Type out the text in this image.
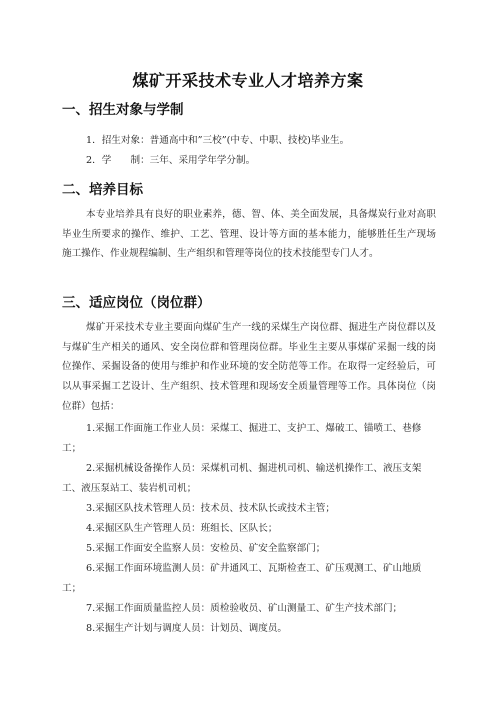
煤矿开采技术专业人才培养方案
一、招生对象与学制
1．招生对象：普通高中和”三校”(中专、中职、技校)毕业生。
2．学　　制：三年、采用学年学分制。
二、培养目标
本专业培养具有良好的职业素养，德、智、体、美全面发展，具备煤炭行业对高职毕业生所要求的操作、维护、工艺、管理、设计等方面的基本能力，能够胜任生产现场施工操作、作业规程编制、生产组织和管理等岗位的技术技能型专门人才。
三、适应岗位（岗位群）
煤矿开采技术专业主要面向煤矿生产一线的采煤生产岗位群、掘进生产岗位群以及与煤矿生产相关的通风、安全岗位群和管理岗位群。毕业生主要从事煤矿采掘一线的岗位操作、采掘设备的使用与维护和作业环境的安全防范等工作。在取得一定经验后，可以从事采掘工艺设计、生产组织、技术管理和现场安全质量管理等工作。具体岗位（岗位群）包括：
1.采掘工作面施工作业人员：采煤工、掘进工、支护工、爆破工、锚喷工、巷修工；
2.采掘机械设备操作人员：采煤机司机、掘进机司机、输送机操作工、液压支架工、液压泵站工、装岩机司机；
3.采掘区队技术管理人员：技术员、技术队长或技术主管；
4.采掘区队生产管理人员：班组长、区队长；
5.采掘工作面安全监察人员：安检员、矿安全监察部门；
6.采掘工作面环境监测人员：矿井通风工、瓦斯检查工、矿压观测工、矿山地质工；
7.采掘工作面质量监控人员：质检验收员、矿山测量工、矿生产技术部门；
8.采掘生产计划与调度人员：计划员、调度员。
